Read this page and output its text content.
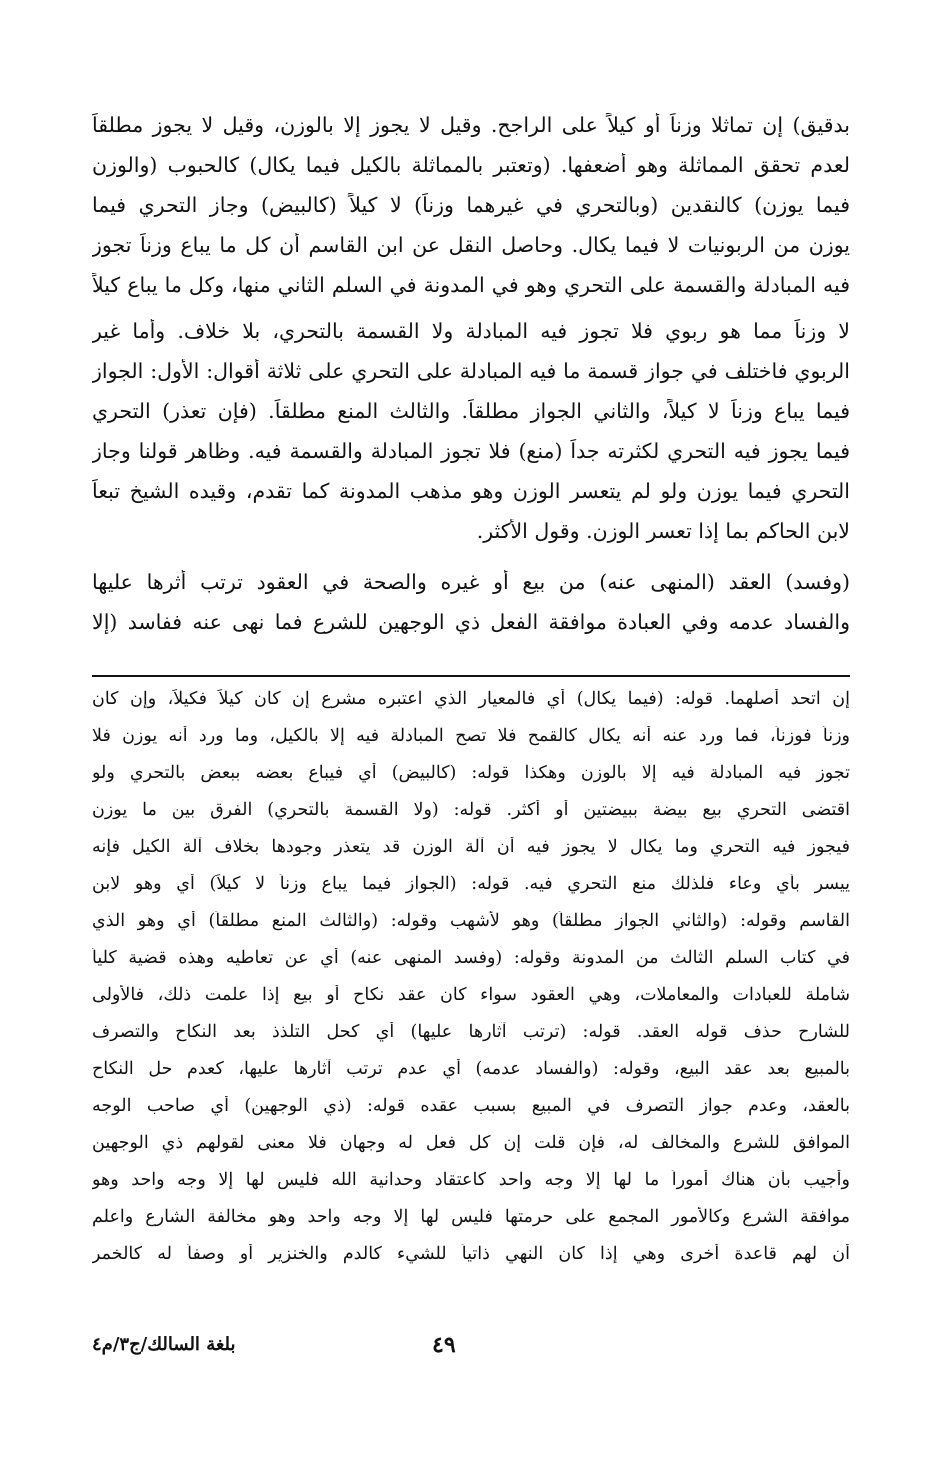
بدقيق) إن تماثلا وزناً أو كيلاً على الراجح. وقيل لا يجوز إلا بالوزن، وقيل لا يجوز مطلقاً
لعدم تحقق المماثلة وهو أضعفها. (وتعتبر بالمماثلة بالكيل فيما يكال) كالحبوب (والوزن
فيما يوزن) كالنقدين (وبالتحري في غيرهما وزناً) لا كيلاً (كالبيض) وجاز التحري فيما
يوزن من الربونيات لا فيما يكال. وحاصل النقل عن ابن القاسم أن كل ما يباع وزناً تجوز
فيه المبادلة والقسمة على التحري وهو في المدونة في السلم الثاني منها، وكل ما يباع كيلاً
لا وزناً مما هو ربوي فلا تجوز فيه المبادلة ولا القسمة بالتحري، بلا خلاف. وأما غير
الربوي فاختلف في جواز قسمة ما فيه المبادلة على التحري على ثلاثة أقوال: الأول: الجواز
فيما يباع وزناً لا كيلاً، والثاني الجواز مطلقاً. والثالث المنع مطلقاً. (فإن تعذر) التحري
فيما يجوز فيه التحري لكثرته جداً (منع) فلا تجوز المبادلة والقسمة فيه. وظاهر قولنا وجاز
التحري فيما يوزن ولو لم يتعسر الوزن وهو مذهب المدونة كما تقدم، وقيده الشيخ تبعاً
لابن الحاكم بما إذا تعسر الوزن. وقول الأكثر.
(وفسد) العقد (المنهى عنه) من بيع أو غيره والصحة في العقود ترتب أثرها عليها
والفساد عدمه وفي العبادة موافقة الفعل ذي الوجهين للشرع فما نهى عنه ففاسد (إلا
إن اتحد أصلهما. قوله: (فيما يكال) أي فالمعيار الذي اعتبره مشرع إن كان كيلاً فكيلاً، وإن كان
وزناً فوزناً، فما ورد عنه أنه يكال كالقمح فلا تصح المبادلة فيه إلا بالكيل، وما ورد أنه يوزن فلا
تجوز فيه المبادلة فيه إلا بالوزن وهكذا قوله: (كالبيض) أي فيباع بعضه ببعض بالتحري ولو
اقتضى التحري بيع بيضة ببيضتين أو أكثر. قوله: (ولا القسمة بالتحري) الفرق بين ما يوزن
فيجوز فيه التحري وما يكال لا يجوز فيه أن آلة الوزن قد يتعذر وجودها بخلاف آلة الكيل فإنه
ييسر بأي وعاء فلذلك منع التحري فيه. قوله: (الجواز فيما يباع وزناً لا كيلاً) أي وهو لابن
القاسم وقوله: (والثاني الجواز مطلقاً) وهو لأشهب وقوله: (والثالث المنع مطلقاً) أي وهو الذي
في كتاب السلم الثالث من المدونة وقوله: (وفسد المنهى عنه) أي عن تعاطيه وهذه قضية كلياً
شاملة للعبادات والمعاملات، وهي العقود سواء كان عقد نكاح أو بيع إذا علمت ذلك، فالأولى
للشارح حذف قوله العقد. قوله: (ترتب آثارها عليها) أي كحل التلذذ بعد النكاح والتصرف
بالمبيع بعد عقد البيع، وقوله: (والفساد عدمه) أي عدم ترتب آثارها عليها، كعدم حل النكاح
بالعقد، وعدم جواز التصرف في المبيع بسبب عقده قوله: (ذي الوجهين) أي صاحب الوجه
الموافق للشرع والمخالف له، فإن قلت إن كل فعل له وجهان فلا معنى لقولهم ذي الوجهين
وأجيب بأن هناك أموراً ما لها إلا وجه واحد كاعتقاد وحدانية الله فليس لها إلا وجه واحد وهو
موافقة الشرع وكالأمور المجمع على حرمتها فليس لها إلا وجه واحد وهو مخالفة الشارع واعلم
أن لهم قاعدة أخرى وهي إذا كان النهي ذاتياً للشيء كالدم والخنزير أو وصفاً له كالخمر
٤٩
بلغة السالك/ج٣/م٤
